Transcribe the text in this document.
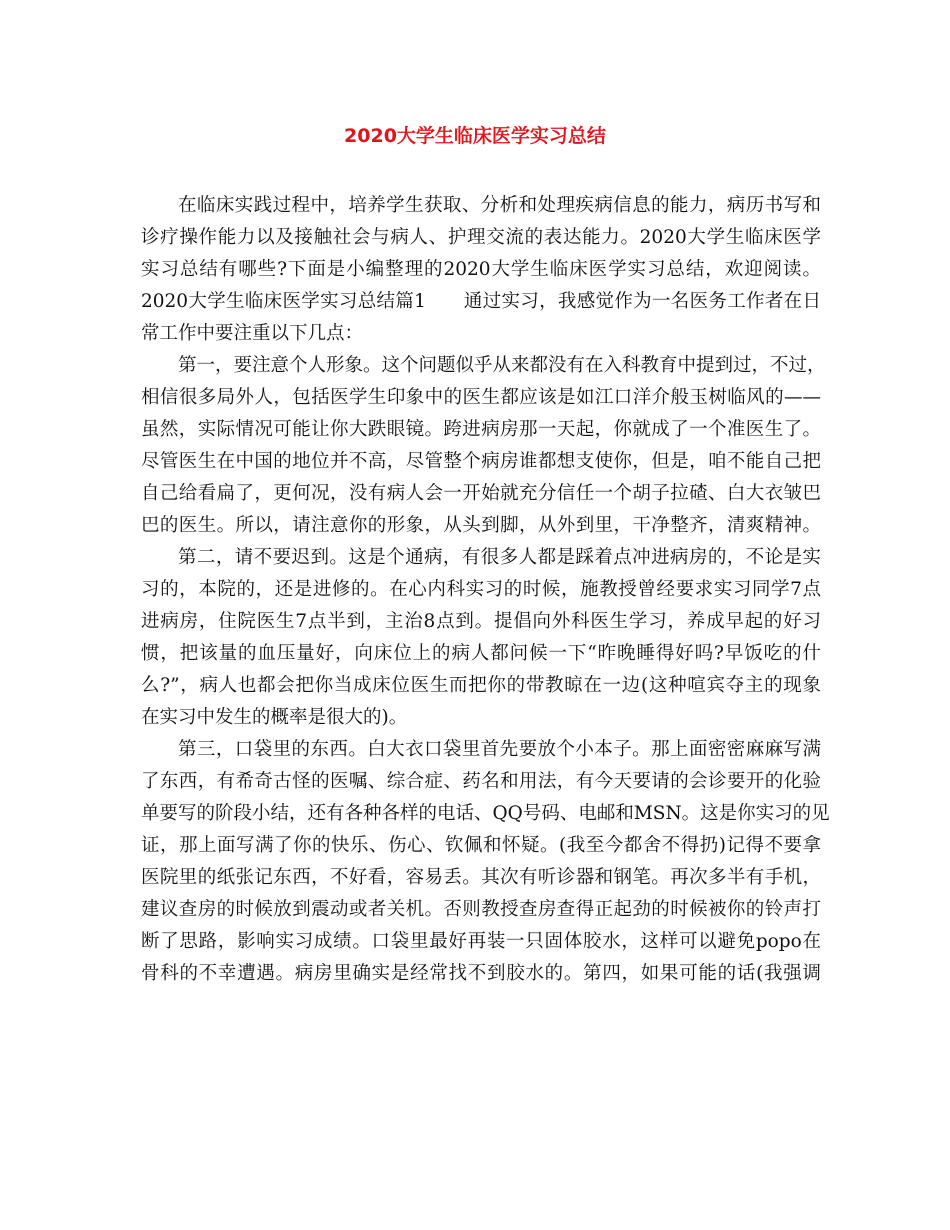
2020大学生临床医学实习总结
在临床实践过程中，培养学生获取、分析和处理疾病信息的能力，病历书写和
诊疗操作能力以及接触社会与病人、护理交流的表达能力。2020大学生临床医学
实习总结有哪些?下面是小编整理的2020大学生临床医学实习总结，欢迎阅读。
2020大学生临床医学实习总结篇1　　通过实习，我感觉作为一名医务工作者在日
常工作中要注重以下几点：
第一，要注意个人形象。这个问题似乎从来都没有在入科教育中提到过，不过，
相信很多局外人，包括医学生印象中的医生都应该是如江口洋介般玉树临风的——
虽然，实际情况可能让你大跌眼镜。跨进病房那一天起，你就成了一个准医生了。
尽管医生在中国的地位并不高，尽管整个病房谁都想支使你，但是，咱不能自己把
自己给看扁了，更何况，没有病人会一开始就充分信任一个胡子拉碴、白大衣皱巴
巴的医生。所以，请注意你的形象，从头到脚，从外到里，干净整齐，清爽精神。
第二，请不要迟到。这是个通病，有很多人都是踩着点冲进病房的，不论是实
习的，本院的，还是进修的。在心内科实习的时候，施教授曾经要求实习同学7点
进病房，住院医生7点半到，主治8点到。提倡向外科医生学习，养成早起的好习
惯，把该量的血压量好，向床位上的病人都问候一下“昨晚睡得好吗?早饭吃的什
么?”，病人也都会把你当成床位医生而把你的带教晾在一边(这种喧宾夺主的现象
在实习中发生的概率是很大的)。
第三，口袋里的东西。白大衣口袋里首先要放个小本子。那上面密密麻麻写满
了东西，有希奇古怪的医嘱、综合症、药名和用法，有今天要请的会诊要开的化验
单要写的阶段小结，还有各种各样的电话、QQ号码、电邮和MSN。这是你实习的见
证，那上面写满了你的快乐、伤心、钦佩和怀疑。(我至今都舍不得扔)记得不要拿
医院里的纸张记东西，不好看，容易丢。其次有听诊器和钢笔。再次多半有手机，
建议查房的时候放到震动或者关机。否则教授查房查得正起劲的时候被你的铃声打
断了思路，影响实习成绩。口袋里最好再装一只固体胶水，这样可以避免popo在
骨科的不幸遭遇。病房里确实是经常找不到胶水的。第四，如果可能的话(我强调
